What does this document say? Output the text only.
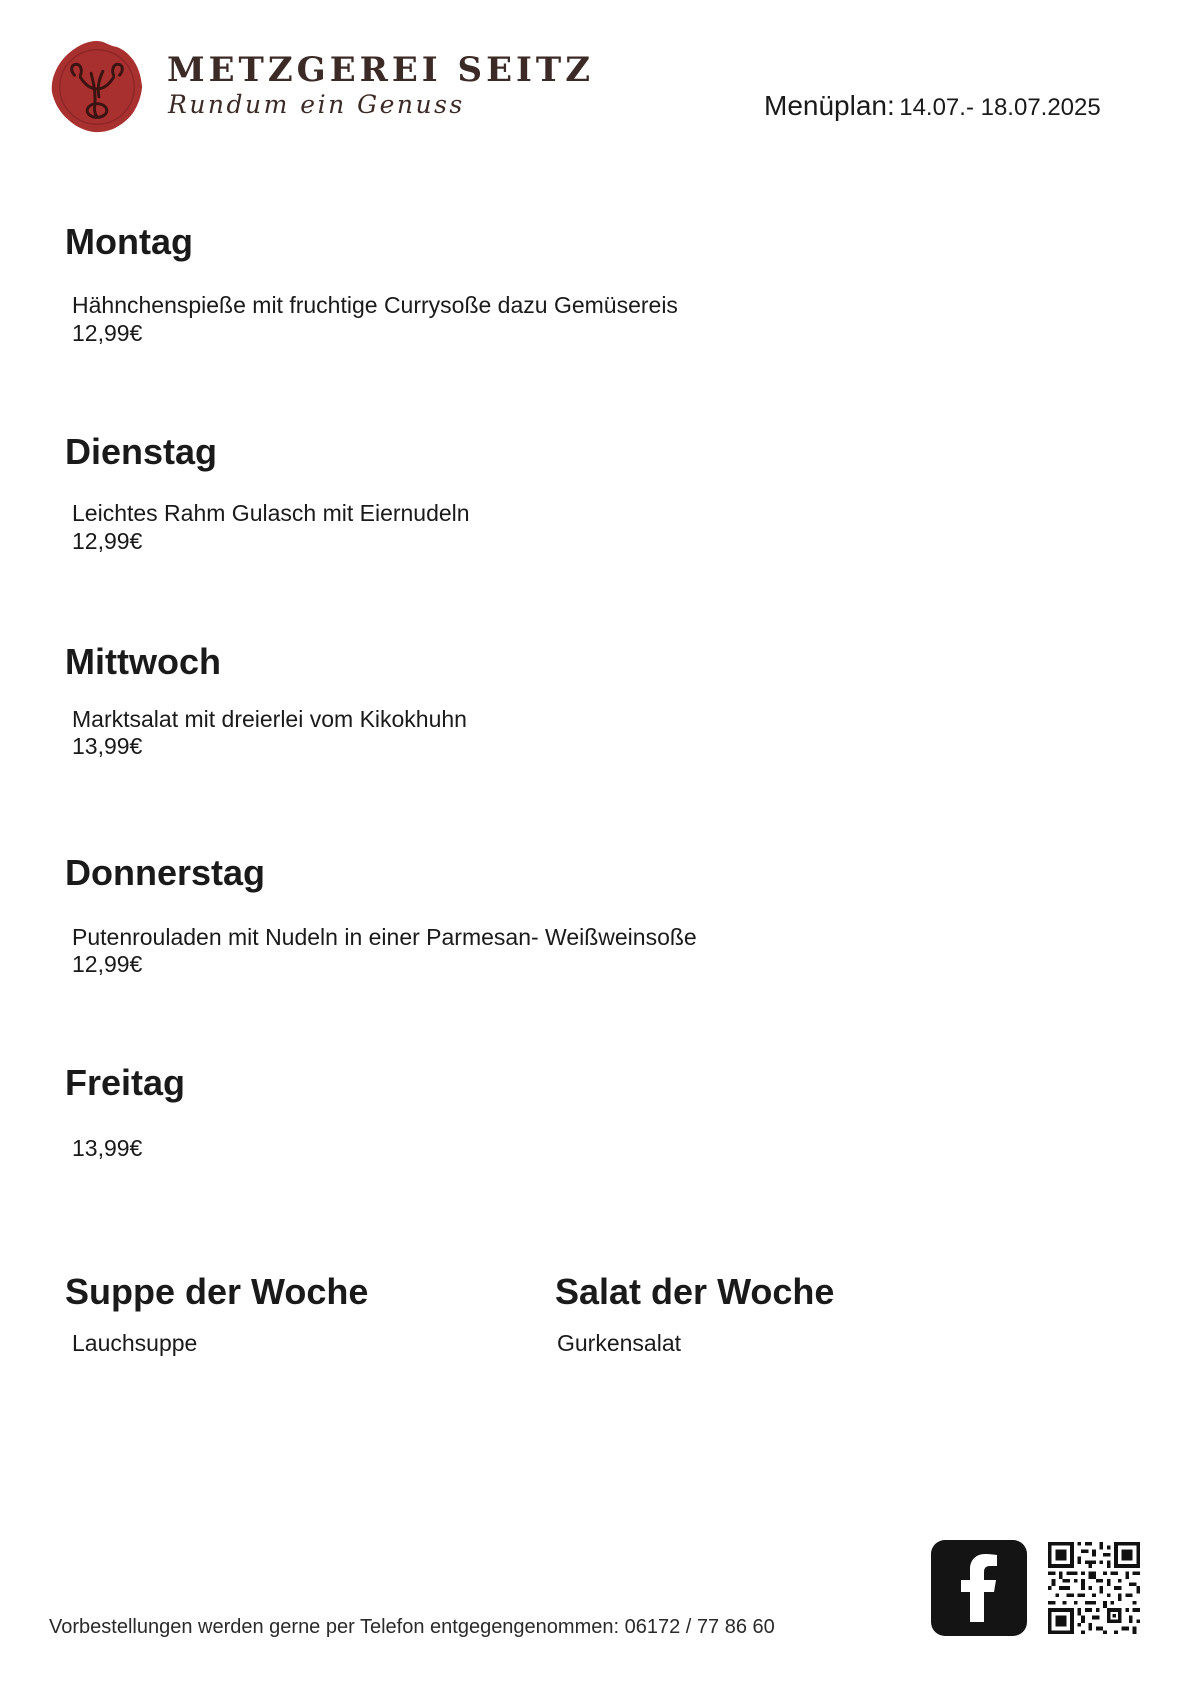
METZGEREI SEITZ
Rundum ein Genuss	Menüplan: 14.07.- 18.07.2025
Montag
Hähnchenspieße mit fruchtige Currysoße dazu Gemüsereis
12,99€
Dienstag
Leichtes Rahm Gulasch mit Eiernudeln
12,99€
Mittwoch
Marktsalat mit dreierlei vom Kikokhuhn
13,99€
Donnerstag
Putenrouladen mit Nudeln in einer Parmesan- Weißweinsoße
12,99€
Freitag
13,99€
Suppe der Woche
Lauchsuppe
Salat der Woche
Gurkensalat
Vorbestellungen werden gerne per Telefon entgegengenommen: 06172 / 77 86 60
